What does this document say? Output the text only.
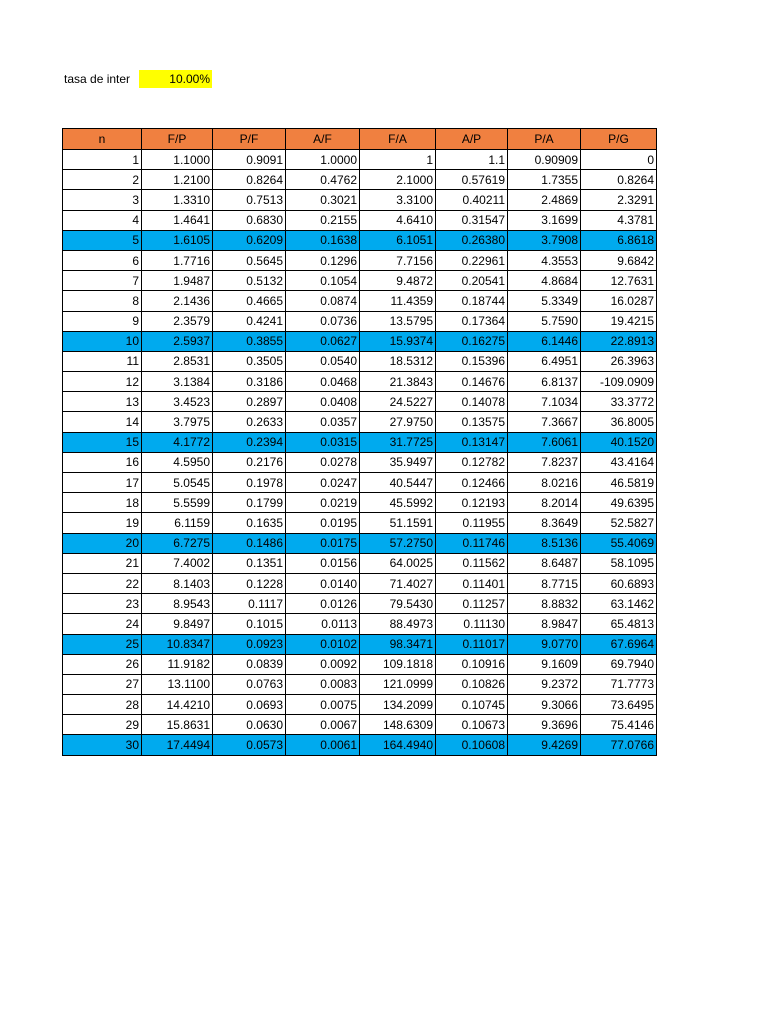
tasa de inter	10.00%
n	F/P	P/F	A/F	F/A	A/P	P/A	P/G
1	1.1000	0.9091	1.0000	1	1.1	0.90909	0
2	1.2100	0.8264	0.4762	2.1000	0.57619	1.7355	0.8264
3	1.3310	0.7513	0.3021	3.3100	0.40211	2.4869	2.3291
4	1.4641	0.6830	0.2155	4.6410	0.31547	3.1699	4.3781
5	1.6105	0.6209	0.1638	6.1051	0.26380	3.7908	6.8618
6	1.7716	0.5645	0.1296	7.7156	0.22961	4.3553	9.6842
7	1.9487	0.5132	0.1054	9.4872	0.20541	4.8684	12.7631
8	2.1436	0.4665	0.0874	11.4359	0.18744	5.3349	16.0287
9	2.3579	0.4241	0.0736	13.5795	0.17364	5.7590	19.4215
10	2.5937	0.3855	0.0627	15.9374	0.16275	6.1446	22.8913
11	2.8531	0.3505	0.0540	18.5312	0.15396	6.4951	26.3963
12	3.1384	0.3186	0.0468	21.3843	0.14676	6.8137	-109.0909
13	3.4523	0.2897	0.0408	24.5227	0.14078	7.1034	33.3772
14	3.7975	0.2633	0.0357	27.9750	0.13575	7.3667	36.8005
15	4.1772	0.2394	0.0315	31.7725	0.13147	7.6061	40.1520
16	4.5950	0.2176	0.0278	35.9497	0.12782	7.8237	43.4164
17	5.0545	0.1978	0.0247	40.5447	0.12466	8.0216	46.5819
18	5.5599	0.1799	0.0219	45.5992	0.12193	8.2014	49.6395
19	6.1159	0.1635	0.0195	51.1591	0.11955	8.3649	52.5827
20	6.7275	0.1486	0.0175	57.2750	0.11746	8.5136	55.4069
21	7.4002	0.1351	0.0156	64.0025	0.11562	8.6487	58.1095
22	8.1403	0.1228	0.0140	71.4027	0.11401	8.7715	60.6893
23	8.9543	0.1117	0.0126	79.5430	0.11257	8.8832	63.1462
24	9.8497	0.1015	0.0113	88.4973	0.11130	8.9847	65.4813
25	10.8347	0.0923	0.0102	98.3471	0.11017	9.0770	67.6964
26	11.9182	0.0839	0.0092	109.1818	0.10916	9.1609	69.7940
27	13.1100	0.0763	0.0083	121.0999	0.10826	9.2372	71.7773
28	14.4210	0.0693	0.0075	134.2099	0.10745	9.3066	73.6495
29	15.8631	0.0630	0.0067	148.6309	0.10673	9.3696	75.4146
30	17.4494	0.0573	0.0061	164.4940	0.10608	9.4269	77.0766
